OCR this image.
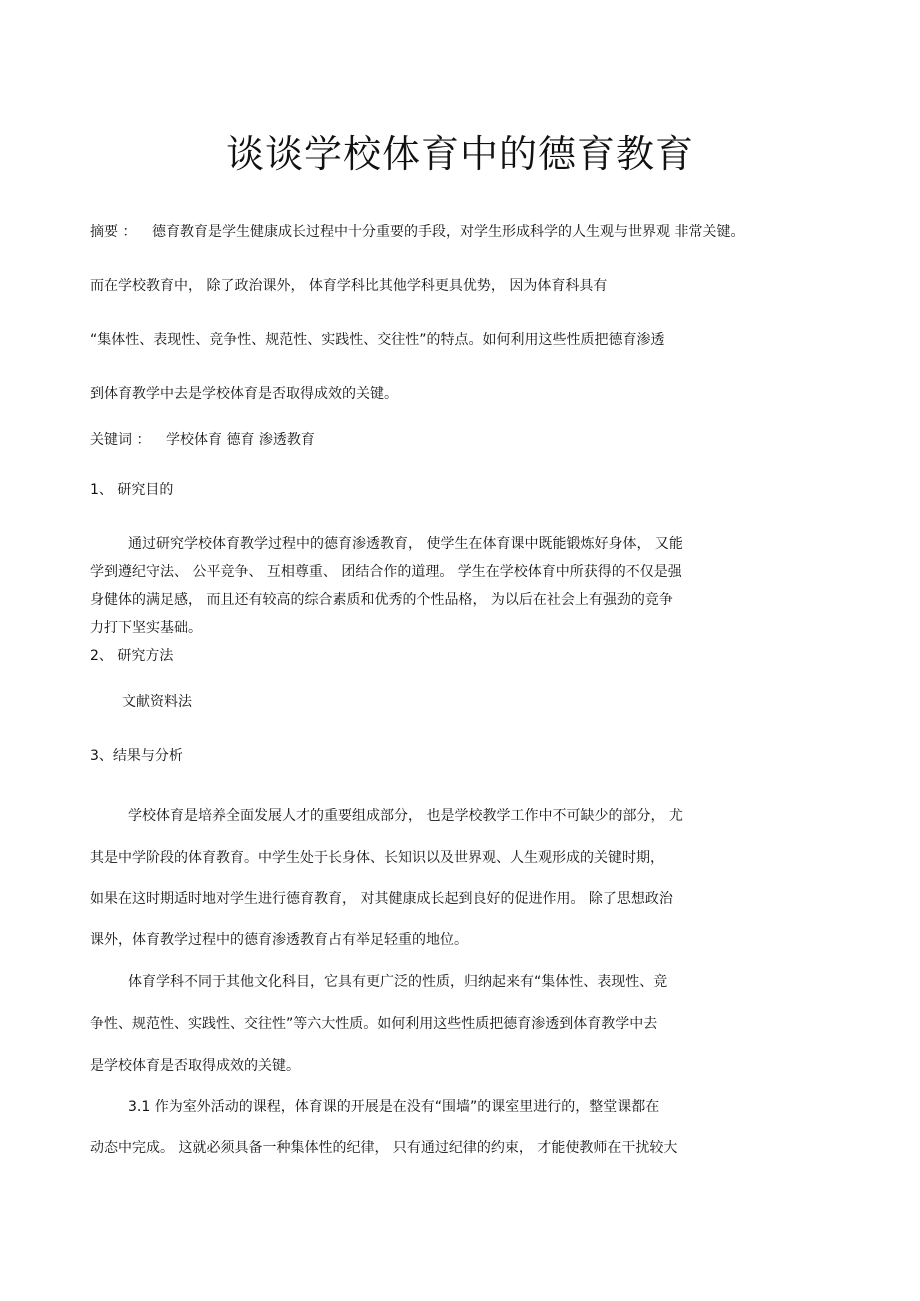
谈谈学校体育中的德育教育
摘要 ： 德育教育是学生健康成长过程中十分重要的手段，对学生形成科学的人生观与世界观 非常关键。
而在学校教育中， 除了政治课外， 体育学科比其他学科更具优势， 因为体育科具有
“集体性、表现性、竞争性、规范性、实践性、交往性”的特点。如何利用这些性质把德育渗透
到体育教学中去是学校体育是否取得成效的关键。
关键词 ： 学校体育 德育 渗透教育
1、 研究目的
通过研究学校体育教学过程中的德育渗透教育， 使学生在体育课中既能锻炼好身体， 又能
学到遵纪守法、 公平竞争、 互相尊重、 团结合作的道理。 学生在学校体育中所获得的不仅是强
身健体的满足感， 而且还有较高的综合素质和优秀的个性品格， 为以后在社会上有强劲的竞争
力打下坚实基础。
2、 研究方法
文献资料法
3、结果与分析
学校体育是培养全面发展人才的重要组成部分， 也是学校教学工作中不可缺少的部分， 尤
其是中学阶段的体育教育。中学生处于长身体、长知识以及世界观、人生观形成的关键时期，
如果在这时期适时地对学生进行德育教育， 对其健康成长起到良好的促进作用。 除了思想政治
课外，体育教学过程中的德育渗透教育占有举足轻重的地位。
体育学科不同于其他文化科目，它具有更广泛的性质，归纳起来有“集体性、表现性、竞
争性、规范性、实践性、交往性”等六大性质。如何利用这些性质把德育渗透到体育教学中去
是学校体育是否取得成效的关键。
3.1 作为室外活动的课程，体育课的开展是在没有“围墙”的课室里进行的，整堂课都在
动态中完成。 这就必须具备一种集体性的纪律， 只有通过纪律的约束， 才能使教师在干扰较大
